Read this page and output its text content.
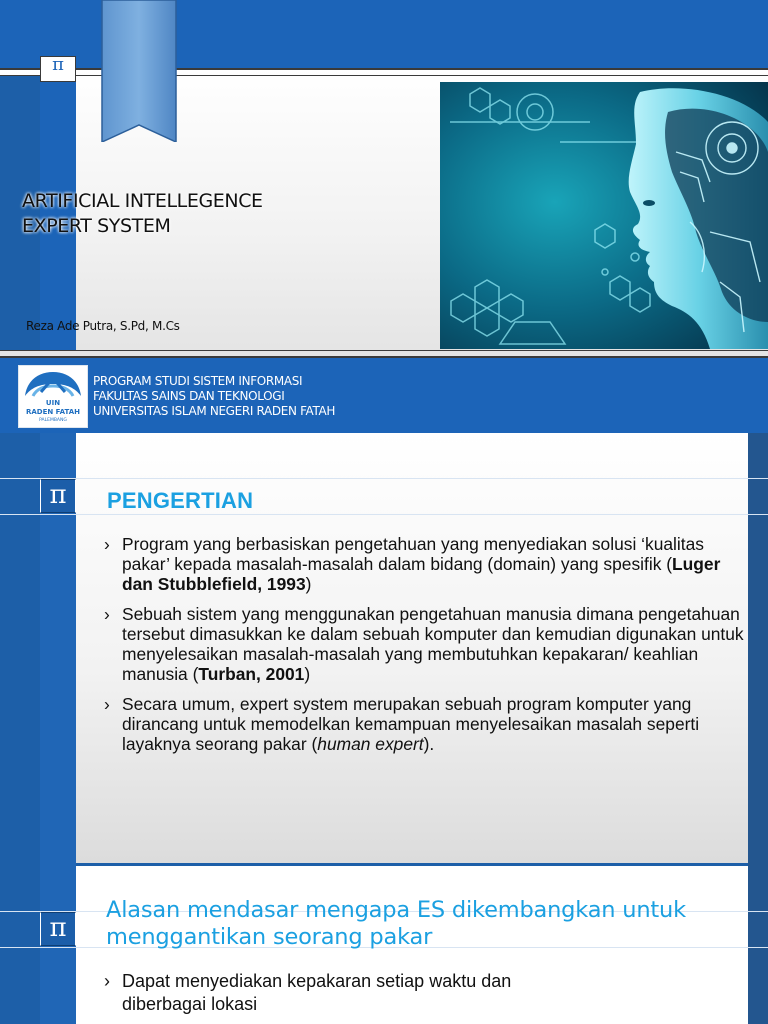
π
ARTIFICIAL INTELLEGENCE
EXPERT SYSTEM
Reza Ade Putra, S.Pd, M.Cs
UIN
RADEN FATAH
PALEMBANG
PROGRAM STUDI SISTEM INFORMASI
FAKULTAS SAINS DAN TEKNOLOGI
UNIVERSITAS ISLAM NEGERI RADEN FATAH
π	PENGERTIAN
› Program yang berbasiskan pengetahuan yang menyediakan solusi ‘kualitas pakar’ kepada masalah-masalah dalam bidang (domain) yang spesifik (Luger dan Stubblefield, 1993)
› Sebuah sistem yang menggunakan pengetahuan manusia dimana pengetahuan tersebut dimasukkan ke dalam sebuah komputer dan kemudian digunakan untuk menyelesaikan masalah-masalah yang membutuhkan kepakaran/ keahlian manusia (Turban, 2001)
› Secara umum, expert system merupakan sebuah program komputer yang dirancang untuk memodelkan kemampuan menyelesaikan masalah seperti layaknya seorang pakar (human expert).
π
Alasan mendasar mengapa ES dikembangkan untuk
menggantikan seorang pakar
› Dapat menyediakan kepakaran setiap waktu dan
diberbagai lokasi
